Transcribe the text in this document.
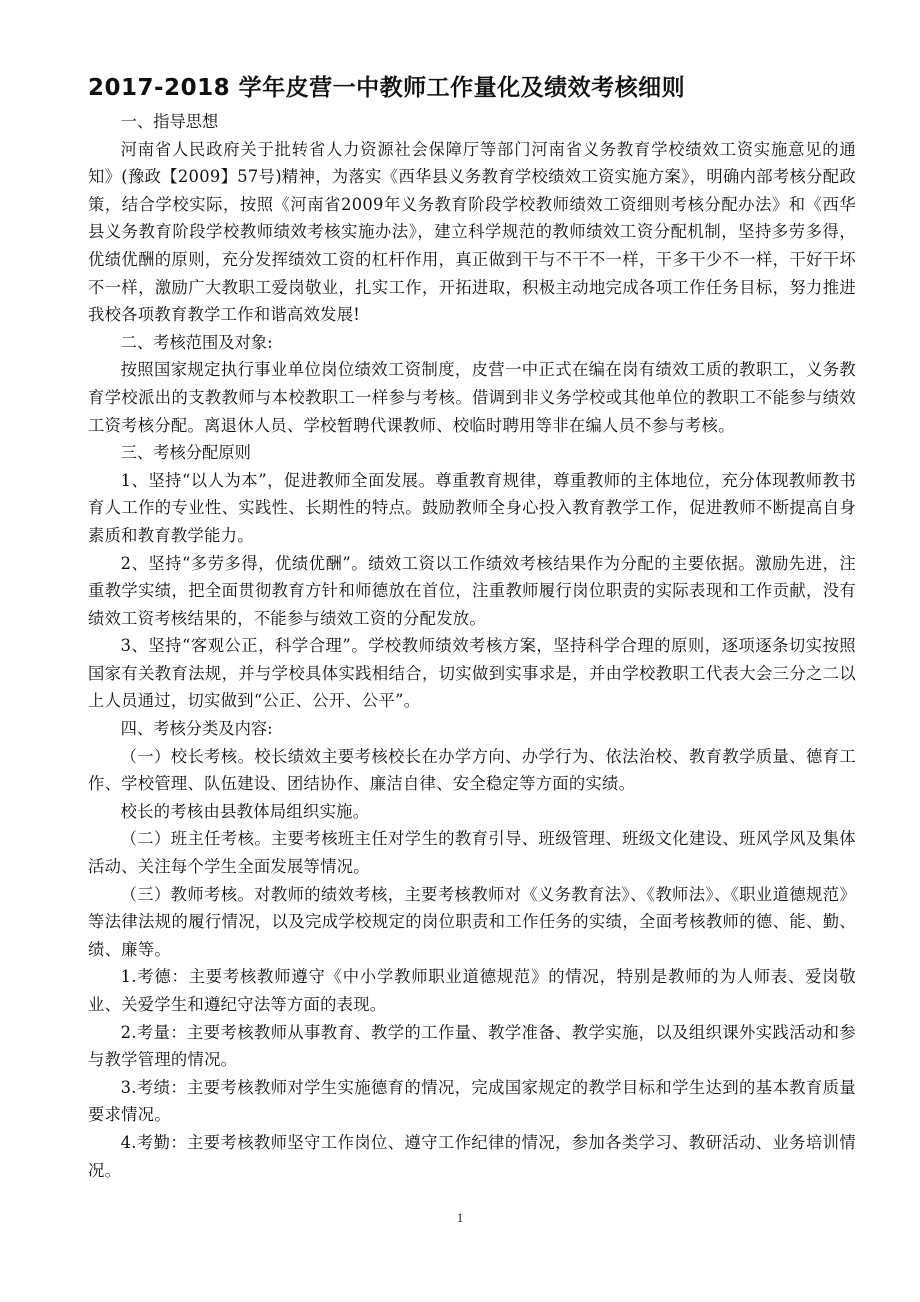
2017-2018 学年皮营一中教师工作量化及绩效考核细则

一、指导思想

河南省人民政府关于批转省人力资源社会保障厅等部门河南省义务教育学校绩效工资实施意见的通知》(豫政【2009】57号)精神，为落实《西华县义务教育学校绩效工资实施方案》，明确内部考核分配政策，结合学校实际，按照《河南省2009年义务教育阶段学校教师绩效工资细则考核分配办法》和《西华县义务教育阶段学校教师绩效考核实施办法》，建立科学规范的教师绩效工资分配机制，坚持多劳多得，优绩优酬的原则，充分发挥绩效工资的杠杆作用，真正做到干与不干不一样，干多干少不一样，干好干坏不一样，激励广大教职工爱岗敬业，扎实工作，开拓进取，积极主动地完成各项工作任务目标，努力推进我校各项教育教学工作和谐高效发展!

二、考核范围及对象:

按照国家规定执行事业单位岗位绩效工资制度，皮营一中正式在编在岗有绩效工质的教职工，义务教育学校派出的支教教师与本校教职工一样参与考核。借调到非义务学校或其他单位的教职工不能参与绩效工资考核分配。离退休人员、学校暂聘代课教师、校临时聘用等非在编人员不参与考核。

三、考核分配原则

1、坚持“以人为本”，促进教师全面发展。尊重教育规律，尊重教师的主体地位，充分体现教师教书育人工作的专业性、实践性、长期性的特点。鼓励教师全身心投入教育教学工作，促进教师不断提高自身素质和教育教学能力。

2、坚持“多劳多得，优绩优酬”。绩效工资以工作绩效考核结果作为分配的主要依据。激励先进，注重教学实绩，把全面贯彻教育方针和师德放在首位，注重教师履行岗位职责的实际表现和工作贡献，没有绩效工资考核结果的，不能参与绩效工资的分配发放。

3、坚持“客观公正，科学合理”。学校教师绩效考核方案，坚持科学合理的原则，逐项逐条切实按照国家有关教育法规，并与学校具体实践相结合，切实做到实事求是，并由学校教职工代表大会三分之二以上人员通过，切实做到“公正、公开、公平”。

四、考核分类及内容:

（一）校长考核。校长绩效主要考核校长在办学方向、办学行为、依法治校、教育教学质量、德育工作、学校管理、队伍建设、团结协作、廉洁自律、安全稳定等方面的实绩。

校长的考核由县教体局组织实施。

（二）班主任考核。主要考核班主任对学生的教育引导、班级管理、班级文化建设、班风学风及集体活动、关注每个学生全面发展等情况。

（三）教师考核。对教师的绩效考核，主要考核教师对《义务教育法》、《教师法》、《职业道德规范》等法律法规的履行情况，以及完成学校规定的岗位职责和工作任务的实绩，全面考核教师的德、能、勤、绩、廉等。

1.考德：主要考核教师遵守《中小学教师职业道德规范》的情况，特别是教师的为人师表、爱岗敬业、关爱学生和遵纪守法等方面的表现。

2.考量：主要考核教师从事教育、教学的工作量、教学准备、教学实施，以及组织课外实践活动和参与教学管理的情况。

3.考绩：主要考核教师对学生实施德育的情况，完成国家规定的教学目标和学生达到的基本教育质量要求情况。

4.考勤：主要考核教师坚守工作岗位、遵守工作纪律的情况，参加各类学习、教研活动、业务培训情况。

1
